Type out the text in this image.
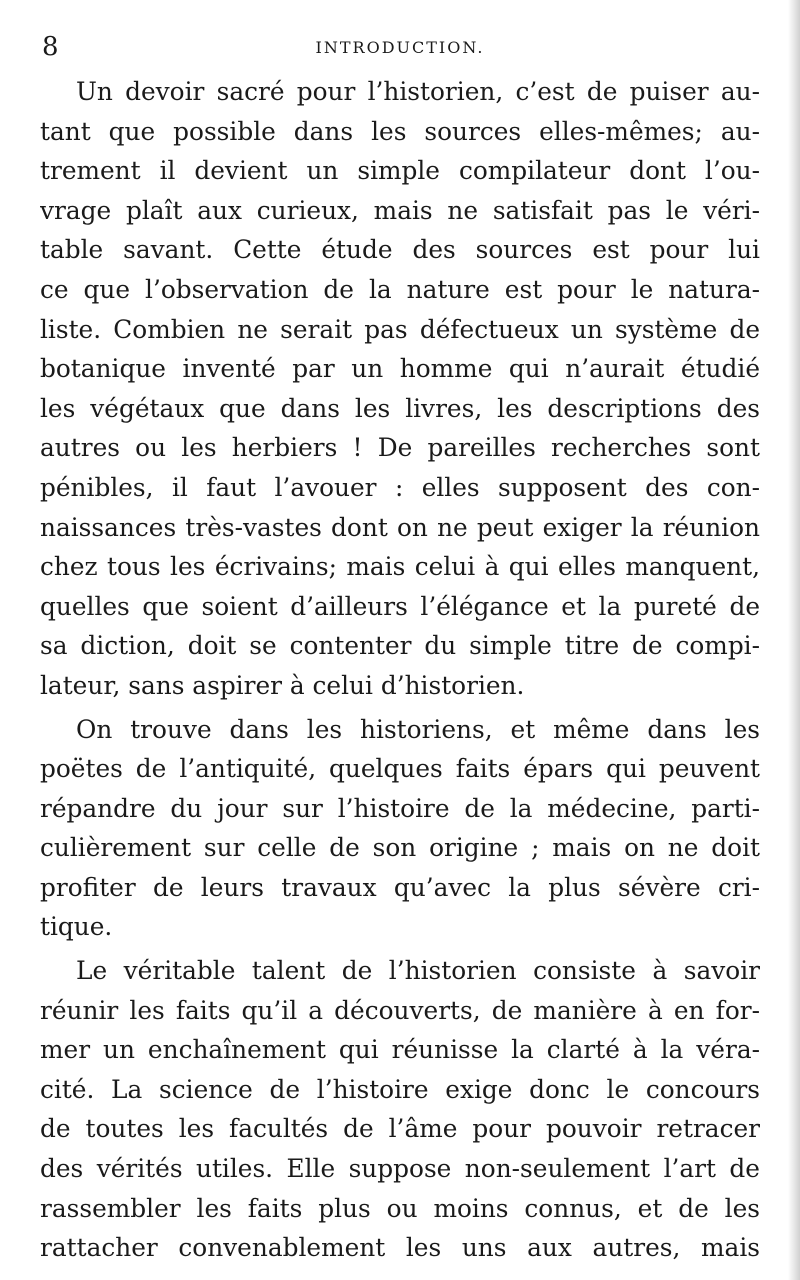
8	INTRODUCTION.
Un devoir sacré pour l’historien, c’est de puiser au-
tant que possible dans les sources elles-mêmes; au-
trement il devient un simple compilateur dont l’ou-
vrage plaît aux curieux, mais ne satisfait pas le véri-
table savant. Cette étude des sources est pour lui
ce que l’observation de la nature est pour le natura-
liste. Combien ne serait pas défectueux un système de
botanique inventé par un homme qui n’aurait étudié
les végétaux que dans les livres, les descriptions des
autres ou les herbiers ! De pareilles recherches sont
pénibles, il faut l’avouer : elles supposent des con-
naissances très-vastes dont on ne peut exiger la réunion
chez tous les écrivains; mais celui à qui elles manquent,
quelles que soient d’ailleurs l’élégance et la pureté de
sa diction, doit se contenter du simple titre de compi-
lateur, sans aspirer à celui d’historien.
On trouve dans les historiens, et même dans les
poëtes de l’antiquité, quelques faits épars qui peuvent
répandre du jour sur l’histoire de la médecine, parti-
culièrement sur celle de son origine ; mais on ne doit
profiter de leurs travaux qu’avec la plus sévère cri-
tique.
Le véritable talent de l’historien consiste à savoir
réunir les faits qu’il a découverts, de manière à en for-
mer un enchaînement qui réunisse la clarté à la véra-
cité. La science de l’histoire exige donc le concours
de toutes les facultés de l’âme pour pouvoir retracer
des vérités utiles. Elle suppose non-seulement l’art de
rassembler les faits plus ou moins connus, et de les
rattacher convenablement les uns aux autres, mais
